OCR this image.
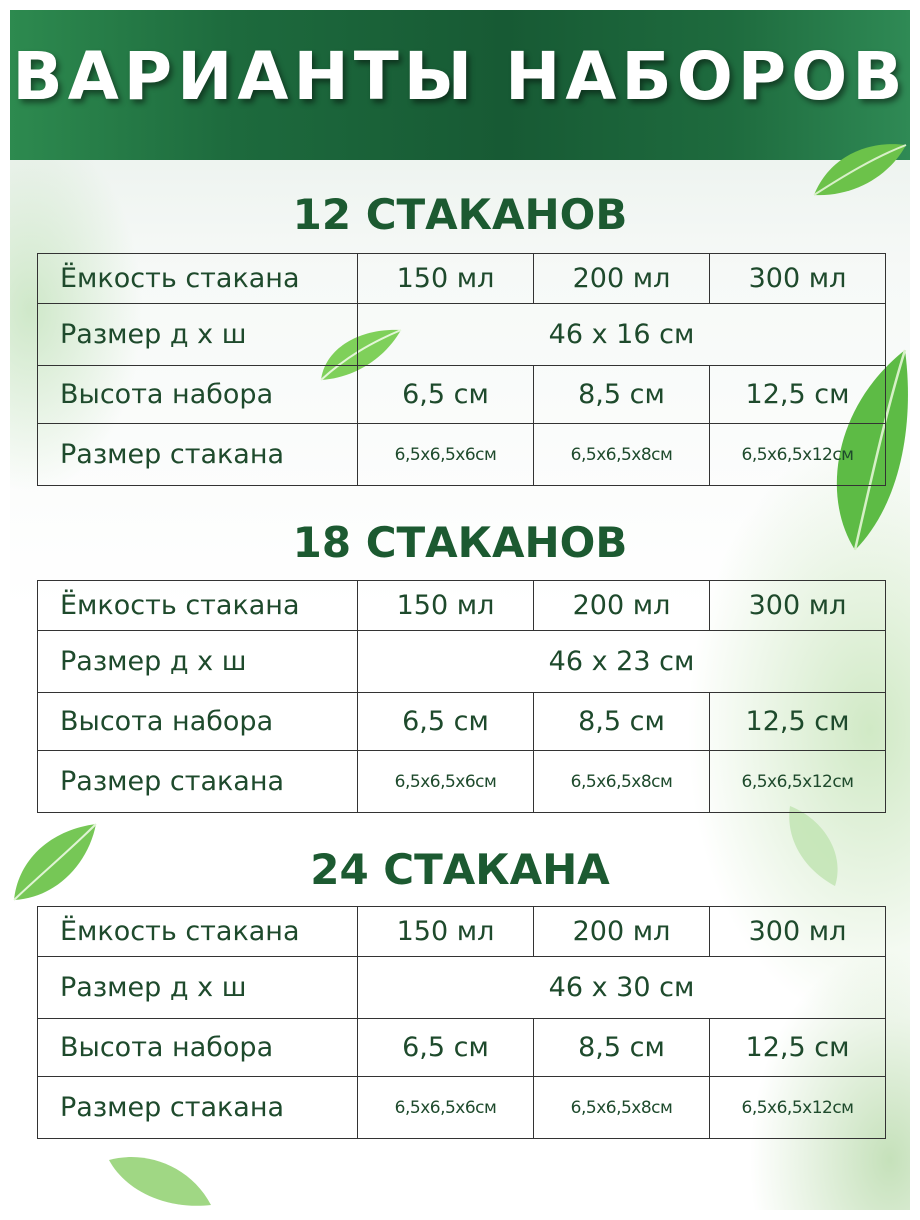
ВАРИАНТЫ НАБОРОВ
12 СТАКАНОВ
Ёмкость стакана	150 мл	200 мл	300 мл
Размер д х ш	46 х 16 см		
Высота набора	6,5 см	8,5 см	12,5 см
Размер стакана	6,5х6,5х6см	6,5х6,5х8см	6,5х6,5х12см
18 СТАКАНОВ
Ёмкость стакана	150 мл	200 мл	300 мл
Размер д х ш	46 х 23 см		
Высота набора	6,5 см	8,5 см	12,5 см
Размер стакана	6,5х6,5х6см	6,5х6,5х8см	6,5х6,5х12см
24 СТАКАНА
Ёмкость стакана	150 мл	200 мл	300 мл
Размер д х ш	46 х 30 см		
Высота набора	6,5 см	8,5 см	12,5 см
Размер стакана	6,5х6,5х6см	6,5х6,5х8см	6,5х6,5х12см
